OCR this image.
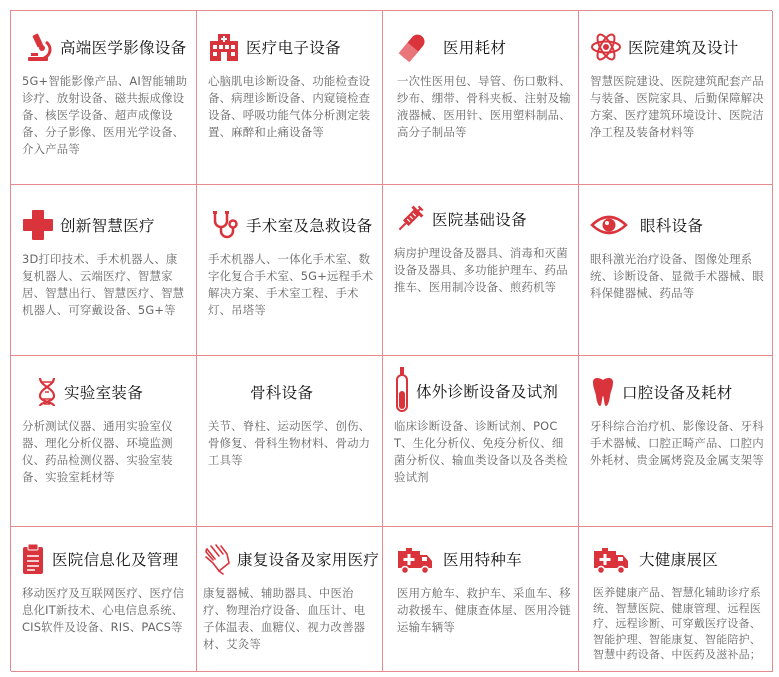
高端医学影像设备
5G+智能影像产品、AI智能辅助诊疗、放射设备、磁共振成像设备、核医学设备、超声成像设备、分子影像、医用光学设备、介入产品等
医疗电子设备
心脑肌电诊断设备、功能检查设备、病理诊断设备、内窥镜检查设备、呼吸功能气体分析测定装置、麻醉和止痛设备等
医用耗材
一次性医用包、导管、伤口敷料、纱布、绷带、骨科夹板、注射及输液器械、医用针、医用塑料制品、高分子制品等
医院建筑及设计
智慧医院建设、医院建筑配套产品与装备、医院家具、后勤保障解决方案、医疗建筑环境设计、医院洁净工程及装备材料等
创新智慧医疗
3D打印技术、手术机器人、康复机器人、云端医疗、智慧家居、智慧出行、智慧医疗、智慧机器人、可穿戴设备、5G+等
手术室及急救设备
手术机器人、一体化手术室、数字化复合手术室、5G+远程手术解决方案、手术室工程、手术灯、吊塔等
医院基础设备
病房护理设备及器具、消毒和灭菌设备及器具、多功能护理车、药品推车、医用制冷设备、煎药机等
眼科设备
眼科激光治疗设备、图像处理系统、诊断设备、显微手术器械、眼科保健器械、药品等
实验室装备
分析测试仪器、通用实验室仪器、理化分析仪器、环境监测仪、药品检测仪器、实验室装备、实验室耗材等
骨科设备
关节、脊柱、运动医学、创伤、骨修复、骨科生物材料、骨动力工具等
体外诊断设备及试剂
临床诊断设备、诊断试剂、POCT、生化分析仪、免疫分析仪、细菌分析仪、输血类设备以及各类检验试剂
口腔设备及耗材
牙科综合治疗机、影像设备、牙科手术器械、口腔正畸产品、口腔内外耗材、贵金属烤瓷及金属支架等
医院信息化及管理
移动医疗及互联网医疗、医疗信息化IT新技术、心电信息系统、CIS软件及设备、RIS、PACS等
康复设备及家用医疗
康复器械、辅助器具、中医治疗、物理治疗设备、血压计、电子体温表、血糖仪、视力改善器材、艾灸等
医用特种车
医用方舱车、救护车、采血车、移动救援车、健康查体屋、医用冷链运输车辆等
大健康展区
医养健康产品、智慧化辅助诊疗系统、智慧医院、健康管理、远程医疗、远程诊断、可穿戴医疗设备、智能护理、智能康复、智能陪护、智慧中药设备、中医药及滋补品；
